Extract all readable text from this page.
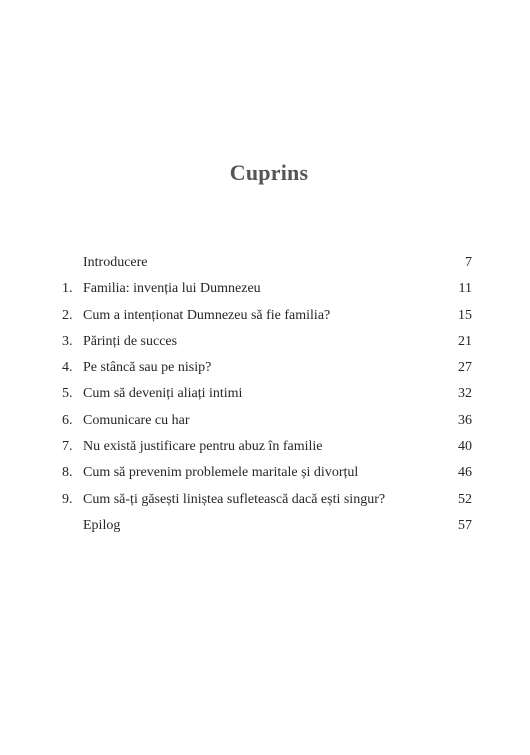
Cuprins
Introducere	7
1. Familia: invenția lui Dumnezeu	11
2. Cum a intenționat Dumnezeu să fie familia?	15
3. Părinți de succes	21
4. Pe stâncă sau pe nisip?	27
5. Cum să deveniți aliați intimi	32
6. Comunicare cu har	36
7. Nu există justificare pentru abuz în familie	40
8. Cum să prevenim problemele maritale și divorțul	46
9. Cum să-ți găsești liniștea sufletească dacă ești singur?	52
Epilog	57
